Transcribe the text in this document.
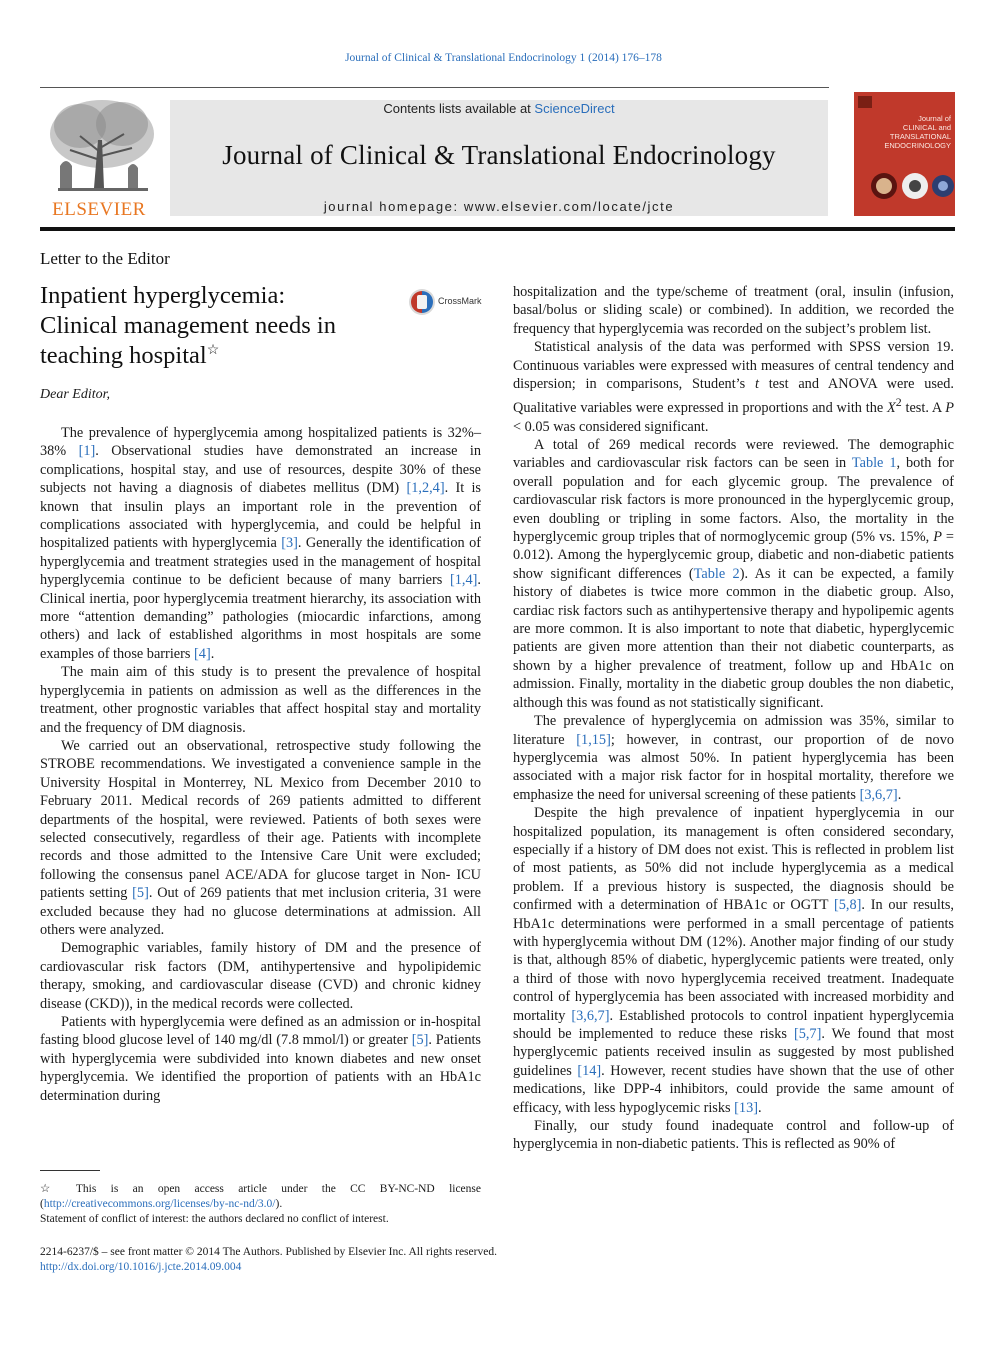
Journal of Clinical & Translational Endocrinology 1 (2014) 176–178
ELSEVIER
Contents lists available at ScienceDirect
Journal of Clinical & Translational Endocrinology
journal homepage: www.elsevier.com/locate/jcte
Journal of
CLINICAL and
TRANSLATIONAL
ENDOCRINOLOGY
Letter to the Editor
Inpatient hyperglycemia:
Clinical management needs in
teaching hospital☆
CrossMark
Dear Editor,

The prevalence of hyperglycemia among hospitalized patients is 32%–38% [1]. Observational studies have demonstrated an increase in complications, hospital stay, and use of resources, despite 30% of these subjects not having a diagnosis of diabetes mellitus (DM) [1,2,4]. It is known that insulin plays an important role in the prevention of complications associated with hyperglycemia, and could be helpful in hospitalized patients with hyperglycemia [3]. Generally the identification of hyperglycemia and treatment strategies used in the management of hospital hyperglycemia continue to be deficient because of many barriers [1,4]. Clinical inertia, poor hyperglycemia treatment hierarchy, its association with more “attention demanding” pathologies (miocardic infarctions, among others) and lack of established algorithms in most hospitals are some examples of those barriers [4].

The main aim of this study is to present the prevalence of hospital hyperglycemia in patients on admission as well as the differences in the treatment, other prognostic variables that affect hospital stay and mortality and the frequency of DM diagnosis.

We carried out an observational, retrospective study following the STROBE recommendations. We investigated a convenience sample in the University Hospital in Monterrey, NL Mexico from December 2010 to February 2011. Medical records of 269 patients admitted to different departments of the hospital, were reviewed. Patients of both sexes were selected consecutively, regardless of their age. Patients with incomplete records and those admitted to the Intensive Care Unit were excluded; following the consensus panel ACE/ADA for glucose target in Non- ICU patients setting [5]. Out of 269 patients that met inclusion criteria, 31 were excluded because they had no glucose determinations at admission. All others were analyzed.

Demographic variables, family history of DM and the presence of cardiovascular risk factors (DM, antihypertensive and hypolipidemic therapy, smoking, and cardiovascular disease (CVD) and chronic kidney disease (CKD)), in the medical records were collected.

Patients with hyperglycemia were defined as an admission or in-hospital fasting blood glucose level of 140 mg/dl (7.8 mmol/l) or greater [5]. Patients with hyperglycemia were subdivided into known diabetes and new onset hyperglycemia. We identified the proportion of patients with an HbA1c determination during

hospitalization and the type/scheme of treatment (oral, insulin (infusion, basal/bolus or sliding scale) or combined). In addition, we recorded the frequency that hyperglycemia was recorded on the subject’s problem list.

Statistical analysis of the data was performed with SPSS version 19. Continuous variables were expressed with measures of central tendency and dispersion; in comparisons, Student’s t test and ANOVA were used. Qualitative variables were expressed in proportions and with the $X^2$ test. A P < 0.05 was considered significant.

A total of 269 medical records were reviewed. The demographic variables and cardiovascular risk factors can be seen in Table 1, both for overall population and for each glycemic group. The prevalence of cardiovascular risk factors is more pronounced in the hyperglycemic group, even doubling or tripling in some factors. Also, the mortality in the hyperglycemic group triples that of normoglycemic group (5% vs. 15%, P = 0.012). Among the hyperglycemic group, diabetic and non-diabetic patients show significant differences (Table 2). As it can be expected, a family history of diabetes is twice more common in the diabetic group. Also, cardiac risk factors such as antihypertensive therapy and hypolipemic agents are more common. It is also important to note that diabetic, hyperglycemic patients are given more attention than their not diabetic counterparts, as shown by a higher prevalence of treatment, follow up and HbA1c on admission. Finally, mortality in the diabetic group doubles the non diabetic, although this was found as not statistically significant.

The prevalence of hyperglycemia on admission was 35%, similar to literature [1,15]; however, in contrast, our proportion of de novo hyperglycemia was almost 50%. In patient hyperglycemia has been associated with a major risk factor for in hospital mortality, therefore we emphasize the need for universal screening of these patients [3,6,7].

Despite the high prevalence of inpatient hyperglycemia in our hospitalized population, its management is often considered secondary, especially if a history of DM does not exist. This is reflected in problem list of most patients, as 50% did not include hyperglycemia as a medical problem. If a previous history is suspected, the diagnosis should be confirmed with a determination of HBA1c or OGTT [5,8]. In our results, HbA1c determinations were performed in a small percentage of patients with hyperglycemia without DM (12%). Another major finding of our study is that, although 85% of diabetic, hyperglycemic patients were treated, only a third of those with novo hyperglycemia received treatment. Inadequate control of hyperglycemia has been associated with increased morbidity and mortality [3,6,7]. Established protocols to control inpatient hyperglycemia should be implemented to reduce these risks [5,7]. We found that most hyperglycemic patients received insulin as suggested by most published guidelines [14]. However, recent studies have shown that the use of other medications, like DPP-4 inhibitors, could provide the same amount of efficacy, with less hypoglycemic risks [13].

Finally, our study found inadequate control and follow-up of hyperglycemia in non-diabetic patients. This is reflected as 90% of

☆ This is an open access article under the CC BY-NC-ND license (http://creativecommons.org/licenses/by-nc-nd/3.0/).

Statement of conflict of interest: the authors declared no conflict of interest.

2214-6237/$ – see front matter © 2014 The Authors. Published by Elsevier Inc. All rights reserved.

http://dx.doi.org/10.1016/j.jcte.2014.09.004
